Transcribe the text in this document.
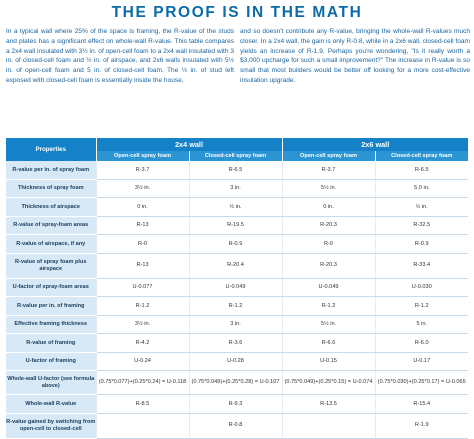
THE PROOF IS IN THE MATH
In a typical wall where 25% of the space is framing, the R-value of the studs and plates has a significant effect on whole-wall R-value. This table compares a 2x4 wall insulated with 3½ in. of open-cell foam to a 2x4 wall insulated with 3 in. of closed-cell foam and ½ in. of airspace, and 2x6 walls insulated with 5½ in. of open-cell foam and 5 in. of closed-cell foam. The ½ in. of stud left exposed with closed-cell foam is essentially inside the house,
and so doesn't contribute any R-value, bringing the whole-wall R-values much closer. In a 2x4 wall, the gain is only R-0.8, while in a 2x6 wall, closed-cell foam yields an increase of R-1.9. Perhaps you're wondering, "Is it really worth a $3,000 upcharge for such a small improvement?" The increase in R-value is so small that most builders would be better off looking for a more cost-effective insulation upgrade.
Properties	2x4 wall		2x6 wall	
	Open-cell spray foam	Closed-cell spray foam	Open-cell spray foam	Closed-cell spray foam
R-value per in. of spray foam	R-3.7	R-6.5	R-3.7	R-6.5
Thickness of spray foam	3½ in.	3 in.	5½ in.	5.0 in.
Thickness of airspace	0 in.	½ in.	0 in.	½ in.
R-value of spray-foam areas	R-13	R-19.5	R-20.3	R-32.5
R-value of airspace, if any	R-0	R-0.9	R-0	R-0.9
R-value of spray foam plus airspace	R-13	R-20.4	R-20.3	R-33.4
U-factor of spray-foam areas	U-0.077	U-0.049	U-0.049	U-0.030
R-value per in. of framing	R-1.2	R-1.2	R-1.2	R-1.2
Effective framing thickness	3½ in.	3 in.	5½ in.	5 in.
R-value of framing	R-4.2	R-3.6	R-6.6	R-6.0
U-factor of framing	U-0.24	U-0.28	U-0.15	U-0.17
Whole-wall U-factor (see formula above)	(0.75*0.077)+(0.25*0.24) = U-0.118	(0.75*0.049)+(0.25*0.28) = U-0.107	(0.75*0.049)+(0.25*0.15) = U-0.074	(0.75*0.030)+(0.25*0.17) = U-0.065
Whole-wall R-value	R-8.5	R-9.3	R-13.5	R-15.4
R-value gained by switching from open-cell to closed-cell		R-0.8		R-1.9
